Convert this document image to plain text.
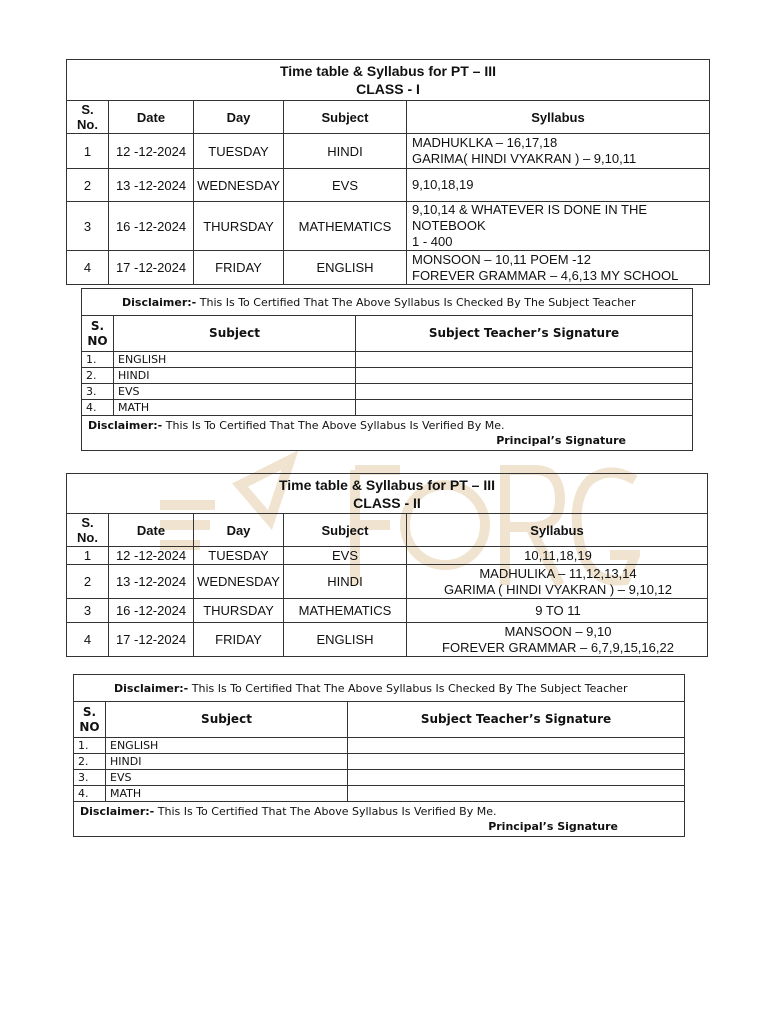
Time table & Syllabus for PT – III
CLASS - I				

S.
No.	Date	Day	Subject	Syllabus
1	12 -12-2024	TUESDAY	HINDI	MADHUKLKA – 16,17,18
GARIMA( HINDI VYAKRAN ) – 9,10,11

2	13 -12-2024	WEDNESDAY	EVS	9,10,18,19

3	16 -12-2024	THURSDAY	MATHEMATICS	9,10,14 & WHATEVER IS DONE IN THE NOTEBOOK
1 - 400

4	17 -12-2024	FRIDAY	ENGLISH	MONSOON – 10,11 POEM -12
FOREVER GRAMMAR – 4,6,13 MY SCHOOL
Disclaimer:- This Is To Certified That The Above Syllabus Is Checked By The Subject Teacher		
S.
NO	Subject	Subject Teacher’s Signature
1.	ENGLISH	
2.	HINDI	
3.	EVS	
4.	MATH	

Disclaimer:- This Is To Certified That The Above Syllabus Is Verified By Me.
Principal’s Signature		
Time table & Syllabus for PT – III
CLASS - II				

S.
No.	Date	Day	Subject	Syllabus
1	12 -12-2024	TUESDAY	EVS	10,11,18,19

2	13 -12-2024	WEDNESDAY	HINDI	MADHULIKA – 11,12,13,14
GARIMA ( HINDI VYAKRAN ) – 9,10,12

3	16 -12-2024	THURSDAY	MATHEMATICS	9 TO 11

4	17 -12-2024	FRIDAY	ENGLISH	MANSOON – 9,10
FOREVER GRAMMAR – 6,7,9,15,16,22
Disclaimer:- This Is To Certified That The Above Syllabus Is Checked By The Subject Teacher		
S.
NO	Subject	Subject Teacher’s Signature
1.	ENGLISH	
2.	HINDI	
3.	EVS	
4.	MATH	

Disclaimer:- This Is To Certified That The Above Syllabus Is Verified By Me.
Principal’s Signature		
